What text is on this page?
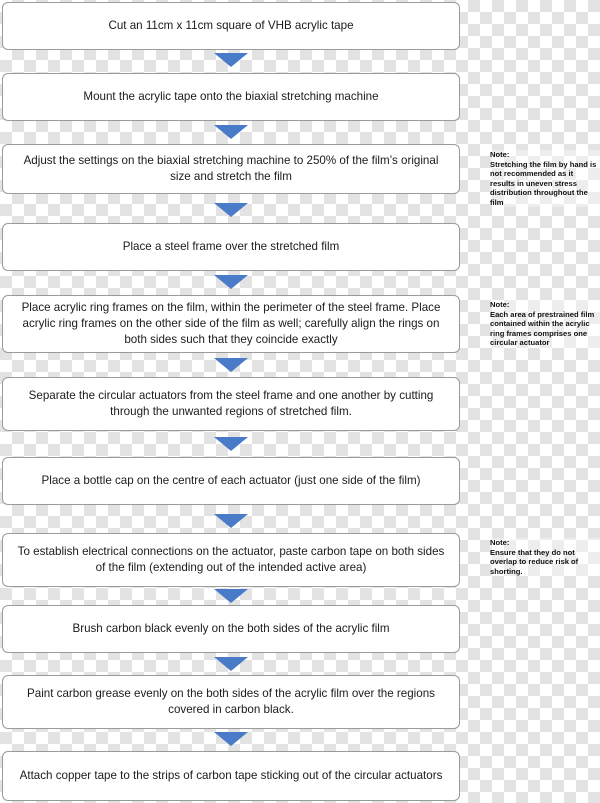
Cut an 11cm x 11cm square of VHB acrylic tape
Mount the acrylic tape onto the biaxial stretching machine
Adjust the settings on the biaxial stretching machine to 250% of the film’s original size and stretch the film
Place a steel frame over the stretched film
Place acrylic ring frames on the film, within the perimeter of the steel frame. Place acrylic ring frames on the other side of the film as well; carefully align the rings on both sides such that they coincide exactly
Separate the circular actuators from the steel frame and one another by cutting through the unwanted regions of stretched film.
Place a bottle cap on the centre of each actuator (just one side of the film)
To establish electrical connections on the actuator, paste carbon tape on both sides of the film (extending out of the intended active area)
Brush carbon black evenly on the both sides of the acrylic film
Paint carbon grease evenly on the both sides of the acrylic film over the regions covered in carbon black.
Attach copper tape to the strips of carbon tape sticking out of the circular actuators
Note:
Stretching the film by hand is not recommended as it results in uneven stress distribution throughout the film
Note:
Each area of prestrained film contained within the acrylic ring frames comprises one circular actuator
Note:
Ensure that they do not overlap to reduce risk of shorting.
